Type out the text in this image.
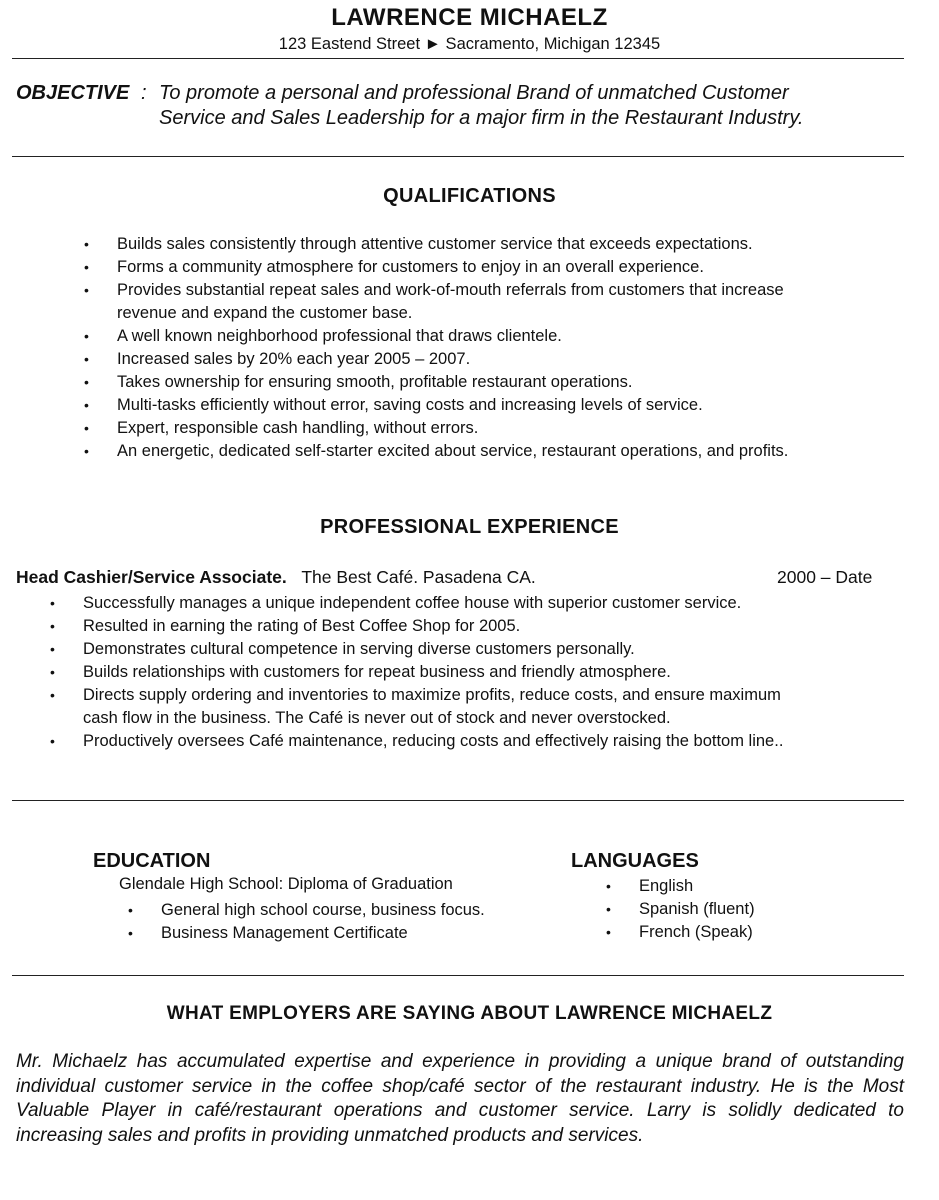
LAWRENCE MICHAELZ
123 Eastend Street ► Sacramento, Michigan 12345
OBJECTIVE : To promote a personal and professional Brand of unmatched Customer
Service and Sales Leadership for a major firm in the Restaurant Industry.
QUALIFICATIONS
• Builds sales consistently through attentive customer service that exceeds expectations.
• Forms a community atmosphere for customers to enjoy in an overall experience.
• Provides substantial repeat sales and work-of-mouth referrals from customers that increase
revenue and expand the customer base.
• A well known neighborhood professional that draws clientele.
• Increased sales by 20% each year 2005 – 2007.
• Takes ownership for ensuring smooth, profitable restaurant operations.
• Multi-tasks efficiently without error, saving costs and increasing levels of service.
• Expert, responsible cash handling, without errors.
• An energetic, dedicated self-starter excited about service, restaurant operations, and profits.
PROFESSIONAL EXPERIENCE
Head Cashier/Service Associate. The Best Café. Pasadena CA.	2000 – Date
• Successfully manages a unique independent coffee house with superior customer service.
• Resulted in earning the rating of Best Coffee Shop for 2005.
• Demonstrates cultural competence in serving diverse customers personally.
• Builds relationships with customers for repeat business and friendly atmosphere.
• Directs supply ordering and inventories to maximize profits, reduce costs, and ensure maximum
cash flow in the business. The Café is never out of stock and never overstocked.
• Productively oversees Café maintenance, reducing costs and effectively raising the bottom line..
EDUCATION
Glendale High School: Diploma of Graduation
• General high school course, business focus.
• Business Management Certificate
LANGUAGES
• English
• Spanish (fluent)
• French (Speak)
WHAT EMPLOYERS ARE SAYING ABOUT LAWRENCE MICHAELZ
Mr. Michaelz has accumulated expertise and experience in providing a unique brand of outstanding individual customer service in the coffee shop/café sector of the restaurant industry. He is the Most Valuable Player in café/restaurant operations and customer service. Larry is solidly dedicated to increasing sales and profits in providing unmatched products and services.
